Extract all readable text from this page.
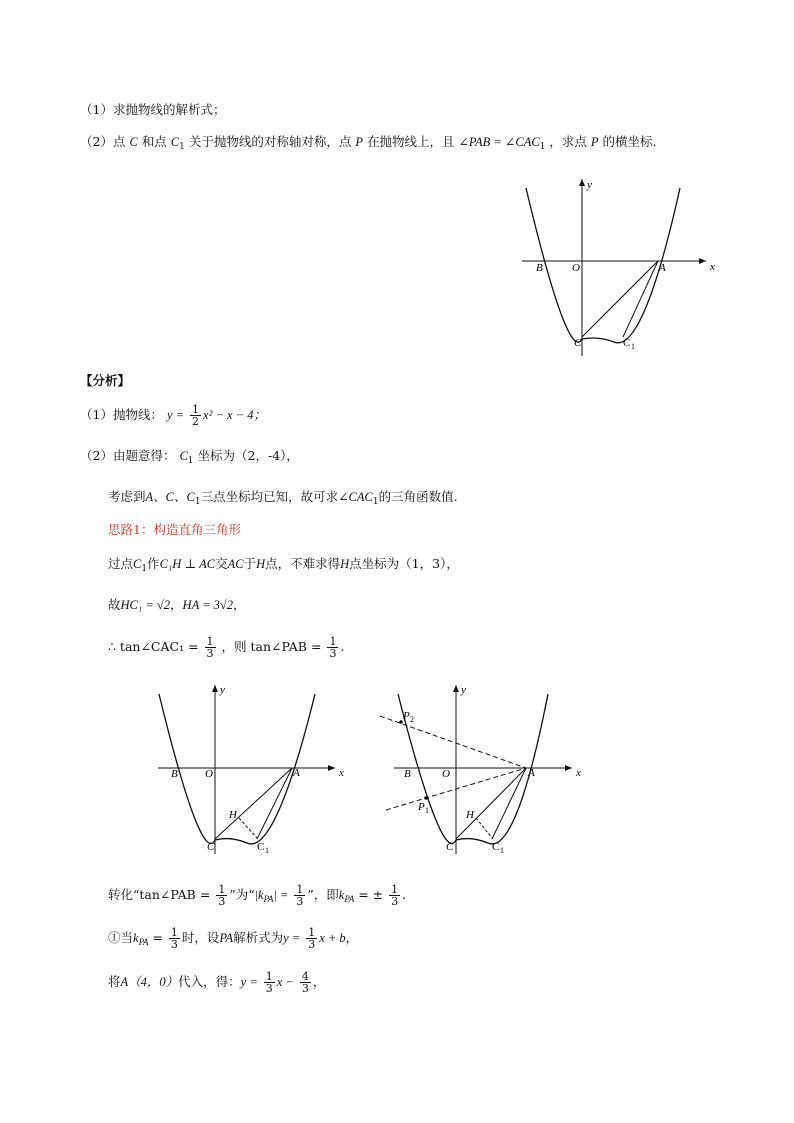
（1）求抛物线的解析式；
（2）点 C 和点 $C_1$ 关于抛物线的对称轴对称，点 P 在抛物线上，且 ∠PAB = $\angle CAC_1$ ，求点 P 的横坐标.
x
y
B	O	A
C	C 1
【分析】
（1）抛物线： $y = \frac{1}{2} x^2 - x - 4$；
（2）由题意得： $C_1$ 坐标为（2，-4），
考虑到A、C、$C_1$三点坐标均已知，故可求$\angle CAC_1$的三角函数值.
思路1：构造直角三角形
过点$C_1$作C₁H ⊥ AC交AC于H点，不难求得H点坐标为（1，3），
故HC₁ = √2，HA = 3√2，
∴ tan∠CAC₁ = $\frac{1}{3}$ ，则 tan∠PAB = $\frac{1}{3}$ .
x
y
B O	A
H
C	C 1
x
y
B	O	A
H
C	C 1
P 2
P 1
转化“tan∠PAB = $\frac{1}{3}$ ”为“$|k_{PA}| = \frac{1}{3}$ ”，即$k_{PA}$ = ± $\frac{1}{3}$ .
①当$k_{PA} = \frac{1}{3}$ 时，设PA解析式为$y = \frac{1}{3}$ x + b，
将A（4，0）代入，得：$y = \frac{1}{3}$ $x - \frac{4}{3}$ ，
